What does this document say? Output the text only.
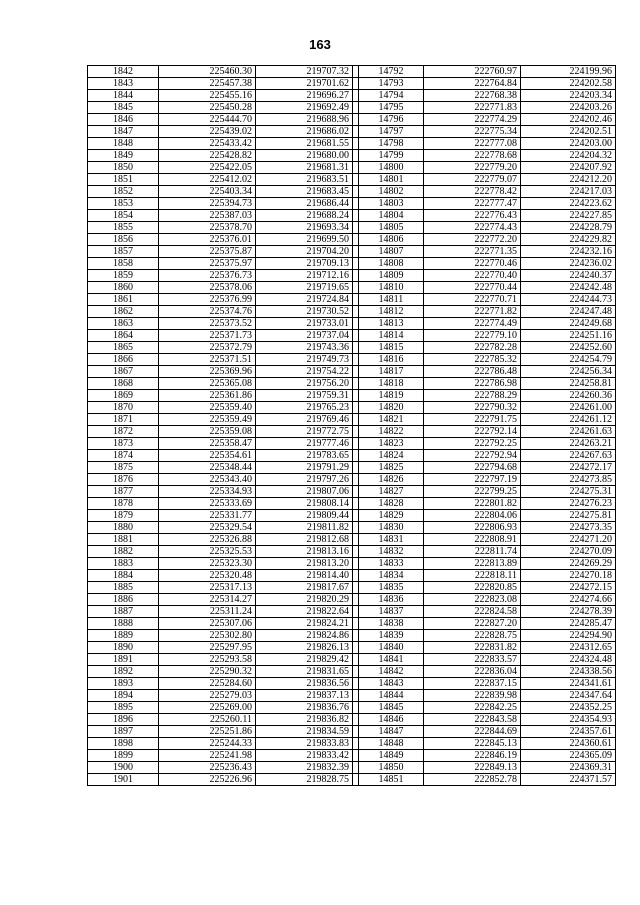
163
1842	225460.30	219707.32		14792	222760.97	224199.96
1843	225457.38	219701.62		14793	222764.84	224202.58
1844	225455.16	219696.27		14794	222768.38	224203.34
1845	225450.28	219692.49		14795	222771.83	224203.26
1846	225444.70	219688.96		14796	222774.29	224202.46
1847	225439.02	219686.02		14797	222775.34	224202.51
1848	225433.42	219681.55		14798	222777.08	224203.00
1849	225428.82	219680.00		14799	222778.68	224204.32
1850	225422.05	219681.31		14800	222779.20	224207.92
1851	225412.02	219683.51		14801	222779.07	224212.20
1852	225403.34	219683.45		14802	222778.42	224217.03
1853	225394.73	219686.44		14803	222777.47	224223.62
1854	225387.03	219688.24		14804	222776.43	224227.85
1855	225378.70	219693.34		14805	222774.43	224228.79
1856	225376.01	219699.50		14806	222772.20	224229.82
1857	225375.87	219704.20		14807	222771.35	224232.16
1858	225375.97	219709.13		14808	222770.46	224236.02
1859	225376.73	219712.16		14809	222770.40	224240.37
1860	225378.06	219719.65		14810	222770.44	224242.48
1861	225376.99	219724.84		14811	222770.71	224244.73
1862	225374.76	219730.52		14812	222771.82	224247.48
1863	225373.52	219733.01		14813	222774.49	224249.68
1864	225371.73	219737.04		14814	222779.10	224251.16
1865	225372.79	219743.36		14815	222782.28	224252.60
1866	225371.51	219749.73		14816	222785.32	224254.79
1867	225369.96	219754.22		14817	222786.48	224256.34
1868	225365.08	219756.20		14818	222786.98	224258.81
1869	225361.86	219759.31		14819	222788.29	224260.36
1870	225359.40	219765.23		14820	222790.32	224261.00
1871	225359.49	219769.46		14821	222791.75	224261.12
1872	225359.08	219772.75		14822	222792.14	224261.63
1873	225358.47	219777.46		14823	222792.25	224263.21
1874	225354.61	219783.65		14824	222792.94	224267.63
1875	225348.44	219791.29		14825	222794.68	224272.17
1876	225343.40	219797.26		14826	222797.19	224273.85
1877	225334.93	219807.06		14827	222799.25	224275.31
1878	225333.69	219808.14		14828	222801.82	224276.23
1879	225331.77	219809.44		14829	222804.06	224275.81
1880	225329.54	219811.82		14830	222806.93	224273.35
1881	225326.88	219812.68		14831	222808.91	224271.20
1882	225325.53	219813.16		14832	222811.74	224270.09
1883	225323.30	219813.20		14833	222813.89	224269.29
1884	225320.48	219814.40		14834	222818.11	224270.18
1885	225317.13	219817.67		14835	222820.85	224272.15
1886	225314.27	219820.29		14836	222823.08	224274.66
1887	225311.24	219822.64		14837	222824.58	224278.39
1888	225307.06	219824.21		14838	222827.20	224285.47
1889	225302.80	219824.86		14839	222828.75	224294.90
1890	225297.95	219826.13		14840	222831.82	224312.65
1891	225293.58	219829.42		14841	222833.57	224324.48
1892	225290.32	219831.65		14842	222836.04	224338.56
1893	225284.60	219836.56		14843	222837.15	224341.61
1894	225279.03	219837.13		14844	222839.98	224347.64
1895	225269.00	219836.76		14845	222842.25	224352.25
1896	225260.11	219836.82		14846	222843.58	224354.93
1897	225251.86	219834.59		14847	222844.69	224357.61
1898	225244.33	219833.83		14848	222845.13	224360.61
1899	225241.98	219833.42		14849	222846.19	224365.09
1900	225236.43	219832.39		14850	222849.13	224369.31
1901	225226.96	219828.75		14851	222852.78	224371.57
